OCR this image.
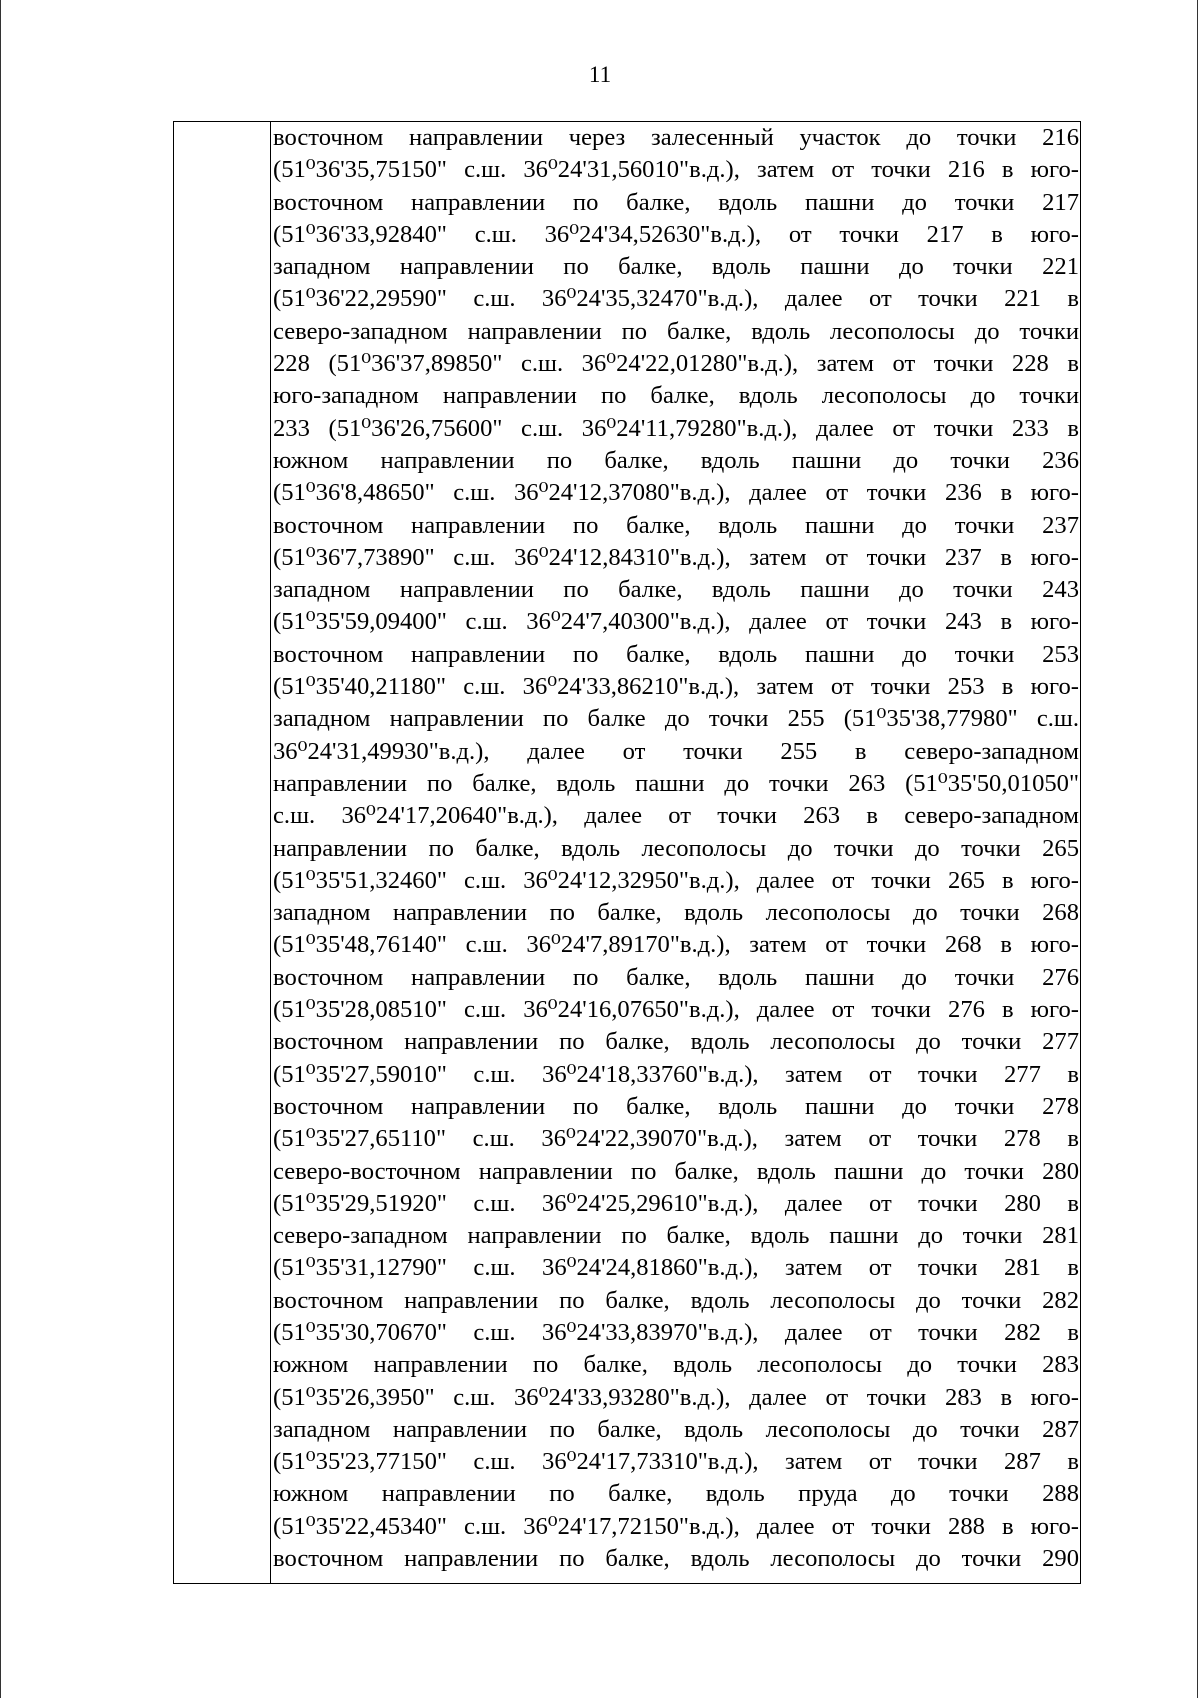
11
восточном направлении через залесенный участок до точки 216
(51⁰36'35,75150" с.ш. 36⁰24'31,56010"в.д.), затем от точки 216 в юго-
восточном направлении по балке, вдоль пашни до точки 217
(51⁰36'33,92840" с.ш. 36⁰24'34,52630"в.д.), от точки 217 в юго-
западном направлении по балке, вдоль пашни до точки 221
(51⁰36'22,29590" с.ш. 36⁰24'35,32470"в.д.), далее от точки 221 в
северо-западном направлении по балке, вдоль лесополосы до точки
228 (51⁰36'37,89850" с.ш. 36⁰24'22,01280"в.д.), затем от точки 228 в
юго-западном направлении по балке, вдоль лесополосы до точки
233 (51⁰36'26,75600" с.ш. 36⁰24'11,79280"в.д.), далее от точки 233 в
южном направлении по балке, вдоль пашни до точки 236
(51⁰36'8,48650" с.ш. 36⁰24'12,37080"в.д.), далее от точки 236 в юго-
восточном направлении по балке, вдоль пашни до точки 237
(51⁰36'7,73890" с.ш. 36⁰24'12,84310"в.д.), затем от точки 237 в юго-
западном направлении по балке, вдоль пашни до точки 243
(51⁰35'59,09400" с.ш. 36⁰24'7,40300"в.д.), далее от точки 243 в юго-
восточном направлении по балке, вдоль пашни до точки 253
(51⁰35'40,21180" с.ш. 36⁰24'33,86210"в.д.), затем от точки 253 в юго-
западном направлении по балке до точки 255 (51⁰35'38,77980" с.ш.
36⁰24'31,49930"в.д.), далее от точки 255 в северо-западном
направлении по балке, вдоль пашни до точки 263 (51⁰35'50,01050"
с.ш. 36⁰24'17,20640"в.д.), далее от точки 263 в северо-западном
направлении по балке, вдоль лесополосы до точки до точки 265
(51⁰35'51,32460" с.ш. 36⁰24'12,32950"в.д.), далее от точки 265 в юго-
западном направлении по балке, вдоль лесополосы до точки 268
(51⁰35'48,76140" с.ш. 36⁰24'7,89170"в.д.), затем от точки 268 в юго-
восточном направлении по балке, вдоль пашни до точки 276
(51⁰35'28,08510" с.ш. 36⁰24'16,07650"в.д.), далее от точки 276 в юго-
восточном направлении по балке, вдоль лесополосы до точки 277
(51⁰35'27,59010" с.ш. 36⁰24'18,33760"в.д.), затем от точки 277 в
восточном направлении по балке, вдоль пашни до точки 278
(51⁰35'27,65110" с.ш. 36⁰24'22,39070"в.д.), затем от точки 278 в
северо-восточном направлении по балке, вдоль пашни до точки 280
(51⁰35'29,51920" с.ш. 36⁰24'25,29610"в.д.), далее от точки 280 в
северо-западном направлении по балке, вдоль пашни до точки 281
(51⁰35'31,12790" с.ш. 36⁰24'24,81860"в.д.), затем от точки 281 в
восточном направлении по балке, вдоль лесополосы до точки 282
(51⁰35'30,70670" с.ш. 36⁰24'33,83970"в.д.), далее от точки 282 в
южном направлении по балке, вдоль лесополосы до точки 283
(51⁰35'26,3950" с.ш. 36⁰24'33,93280"в.д.), далее от точки 283 в юго-
западном направлении по балке, вдоль лесополосы до точки 287
(51⁰35'23,77150" с.ш. 36⁰24'17,73310"в.д.), затем от точки 287 в
южном направлении по балке, вдоль пруда до точки 288
(51⁰35'22,45340" с.ш. 36⁰24'17,72150"в.д.), далее от точки 288 в юго-
восточном направлении по балке, вдоль лесополосы до точки 290
